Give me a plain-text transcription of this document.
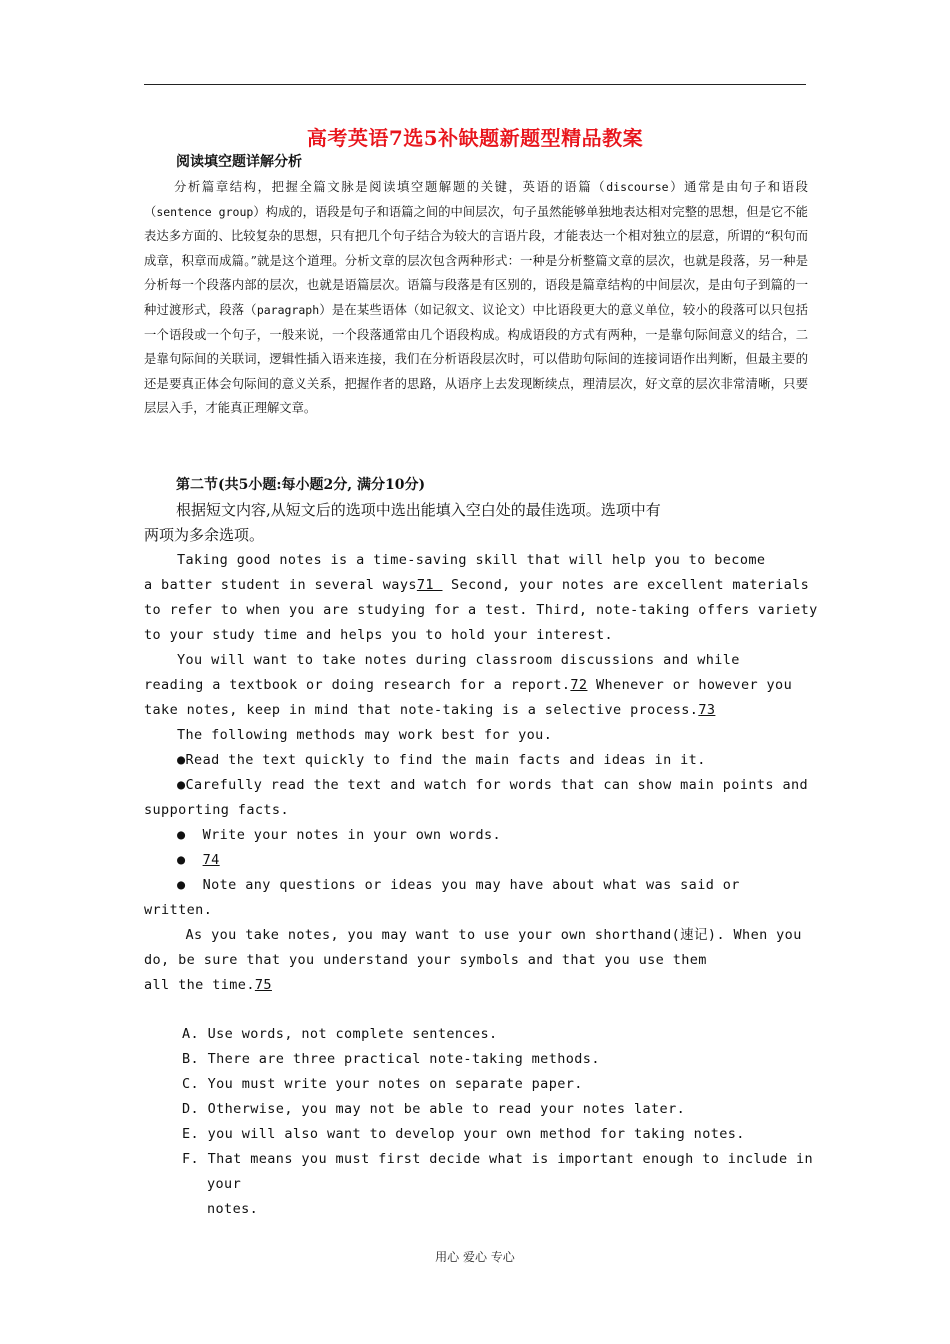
高考英语7选5补缺题新题型精品教案
阅读填空题详解分析

分析篇章结构，把握全篇文脉是阅读填空题解题的关键，英语的语篇（discourse）通常是由句子和语段（sentence group）构成的，语段是句子和语篇之间的中间层次，句子虽然能够单独地表达相对完整的思想，但是它不能表达多方面的、比较复杂的思想，只有把几个句子结合为较大的言语片段，才能表达一个相对独立的层意，所谓的“积句而成章，积章而成篇。”就是这个道理。分析文章的层次包含两种形式：一种是分析整篇文章的层次，也就是段落，另一种是分析每一个段落内部的层次，也就是语篇层次。语篇与段落是有区别的，语段是篇章结构的中间层次，是由句子到篇的一种过渡形式，段落（paragraph）是在某些语体（如记叙文、议论文）中比语段更大的意义单位，较小的段落可以只包括一个语段或一个句子，一般来说，一个段落通常由几个语段构成。构成语段的方式有两种，一是靠句际间意义的结合，二是靠句际间的关联词，逻辑性插入语来连接，我们在分析语段层次时，可以借助句际间的连接词语作出判断，但最主要的还是要真正体会句际间的意义关系，把握作者的思路，从语序上去发现断续点，理清层次，好文章的层次非常清晰，只要层层入手，才能真正理解文章。

第二节(共5小题:每小题2分, 满分10分)
根据短文内容,从短文后的选项中选出能填入空白处的最佳选项。选项中有
两项为多余选项。
Taking good notes is a time-saving skill that will help you to become
a batter student in several ways71  Second, your notes are excellent materials
to refer to when you are studying for a test. Third, note-taking offers variety
to your study time and helps you to hold your interest.
You will want to take notes during classroom discussions and while
reading a textbook or doing research for a report.72 Whenever or however you
take notes, keep in mind that note-taking is a selective process.73
The following methods may work best for you.
●Read the text quickly to find the main facts and ideas in it.
●Carefully read the text and watch for words that can show main points and
supporting facts.
●  Write your notes in your own words.
●  74
●  Note any questions or ideas you may have about what was said or
written.
As you take notes, you may want to use your own shorthand(速记). When you
do, be sure that you understand your symbols and that you use them
all the time.75
A. Use words, not complete sentences.
B. There are three practical note-taking methods.
C. You must write your notes on separate paper.
D. Otherwise, you may not be able to read your notes later.
E. you will also want to develop your own method for taking notes.
F. That means you must first decide what is important enough to include in
your
notes.
用心 爱心 专心
